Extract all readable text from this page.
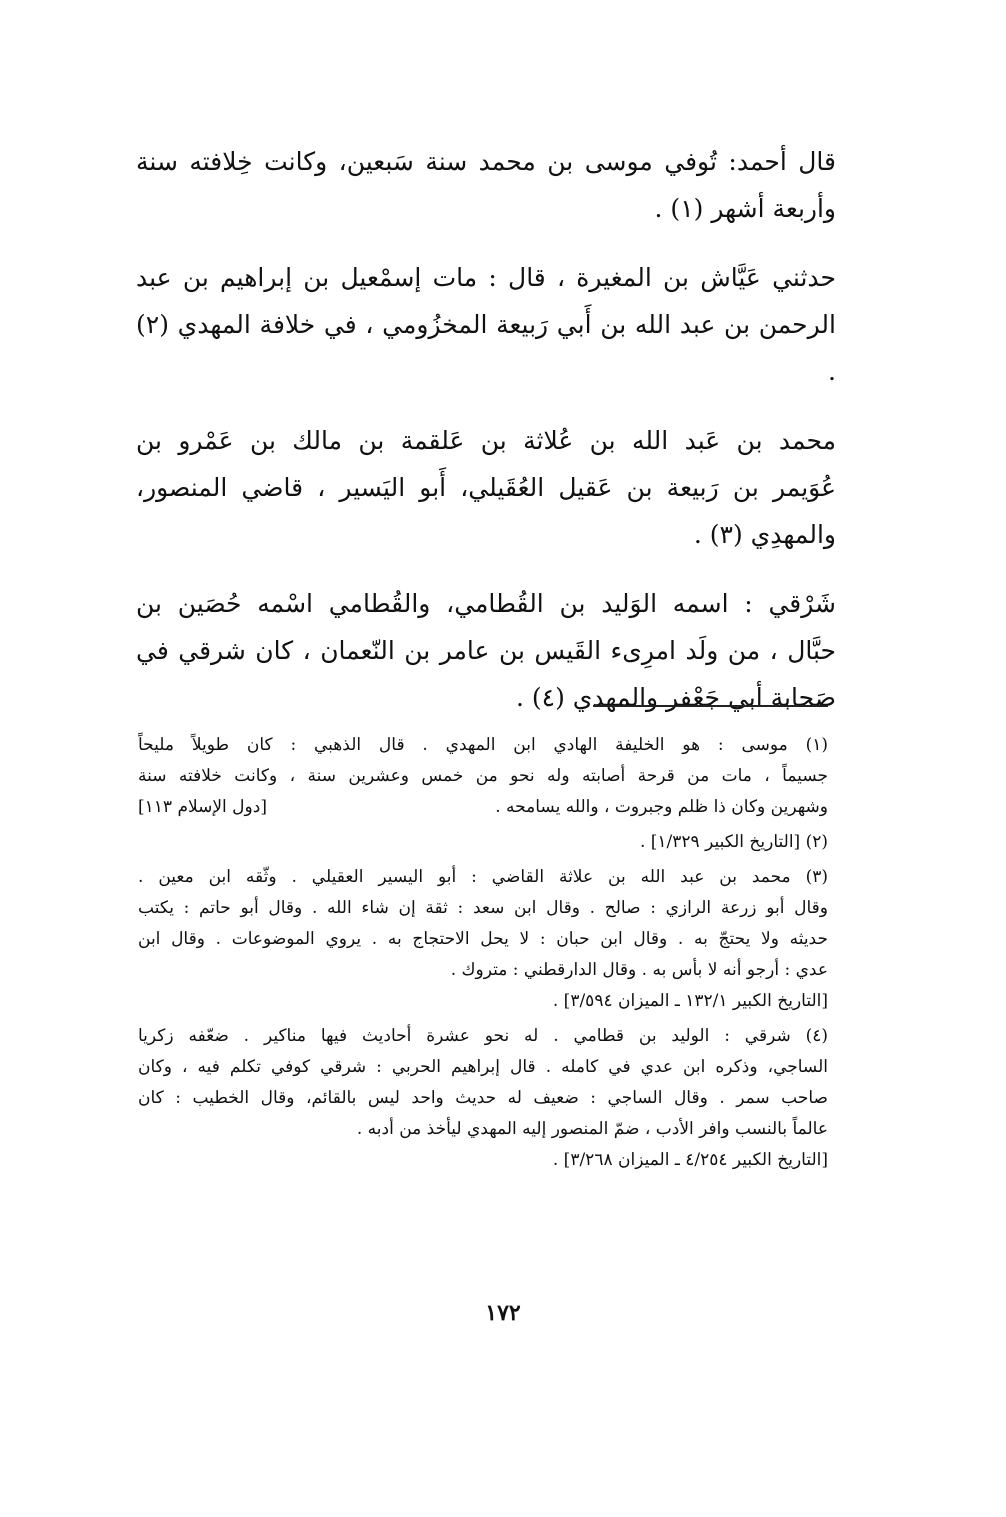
قال أحمد: تُوفي موسى بن محمد سنة سَبعين، وكانت خِلافته سنة
وأربعة أشهر (١) .

حدثني عَيَّاش بن المغيرة ، قال : مات إسمْعيل بن إبراهيم بن عبد
الرحمن بن عبد الله بن أَبي رَبيعة المخزُومي ، في خلافة المهدي (٢) .

محمد بن عَبد الله بن عُلاثة بن عَلقمة بن مالك بن عَمْرو بن
عُوَيمر بن رَبيعة بن عَقيل العُقَيلي، أَبو اليَسير ، قاضي المنصور،
والمهدِي (٣) .

شَرْقي : اسمه الوَليد بن القُطامي، والقُطامي اسْمه حُصَين بن
حبَّال ، من ولَد امرِىء القَيس بن عامر بن النّعمان ، كان شرقي في
صَحابة أبي جَعْفر والمهدي (٤) .

(١) موسى : هو الخليفة الهادي ابن المهدي . قال الذهبي : كان طويلاً مليحاً
جسيماً ، مات من قرحة أصابته وله نحو من خمس وعشرين سنة ، وكانت خلافته سنة
وشهرين وكان ذا ظلم وجبروت ، والله يسامحه .
[دول الإسلام ١١٣]
(٢) [التاريخ الكبير ١/٣٢٩] .
(٣) محمد بن عبد الله بن علاثة القاضي : أبو اليسير العقيلي . وثّقه ابن معين .
وقال أبو زرعة الرازي : صالح . وقال ابن سعد : ثقة إن شاء الله . وقال أبو حاتم : يكتب
حديثه ولا يحتجّ به . وقال ابن حبان : لا يحل الاحتجاج به . يروي الموضوعات . وقال ابن
عدي : أرجو أنه لا بأس به . وقال الدارقطني : متروك .
[التاريخ الكبير ١٣٢/١ ـ الميزان ٣/٥٩٤] .
(٤) شرقي : الوليد بن قطامي . له نحو عشرة أحاديث فيها مناكير . ضعّفه زكريا
الساجي، وذكره ابن عدي في كامله . قال إبراهيم الحربي : شرقي كوفي تكلم فيه ، وكان
صاحب سمر . وقال الساجي : ضعيف له حديث واحد ليس بالقائم، وقال الخطيب : كان
عالماً بالنسب وافر الأدب ، ضمّ المنصور إليه المهدي ليأخذ من أدبه .
[التاريخ الكبير ٤/٢٥٤ ـ الميزان ٣/٢٦٨] .
١٧٢
